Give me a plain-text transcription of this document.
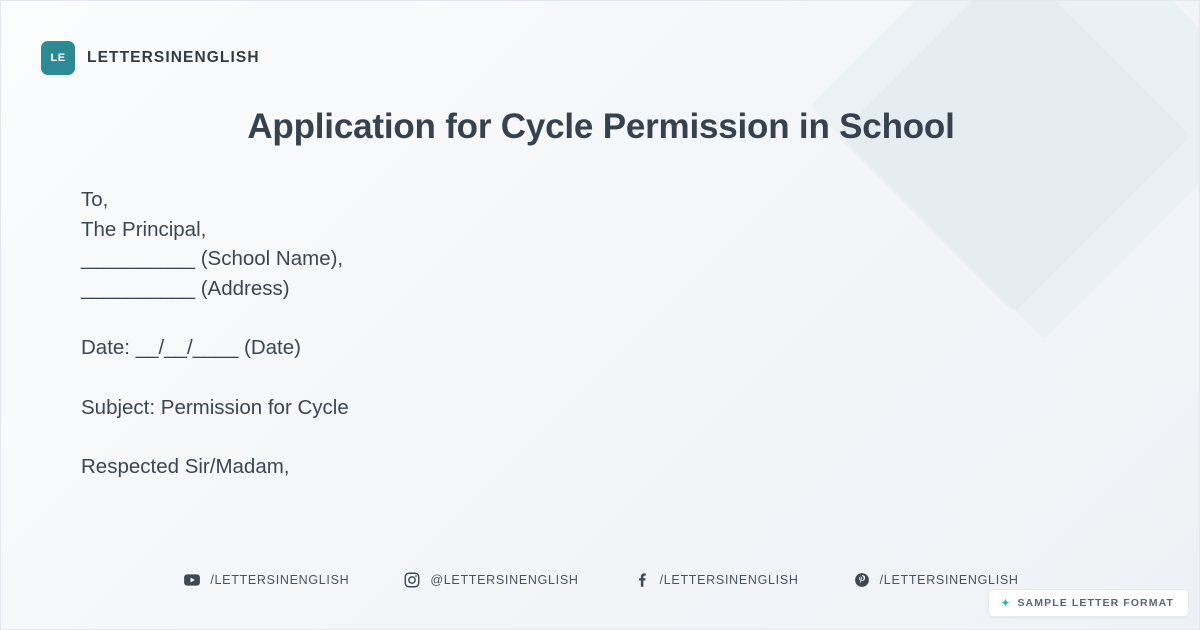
LE	LETTERSINENGLISH
Application for Cycle Permission in School

To,

The Principal,

__________ (School Name),

__________ (Address)

Date: __/__/____ (Date)

Subject: Permission for Cycle

Respected Sir/Madam,

/LETTERSINENGLISH	@LETTERSINENGLISH	/LETTERSINENGLISH	/LETTERSINENGLISH
✦ SAMPLE LETTER FORMAT
